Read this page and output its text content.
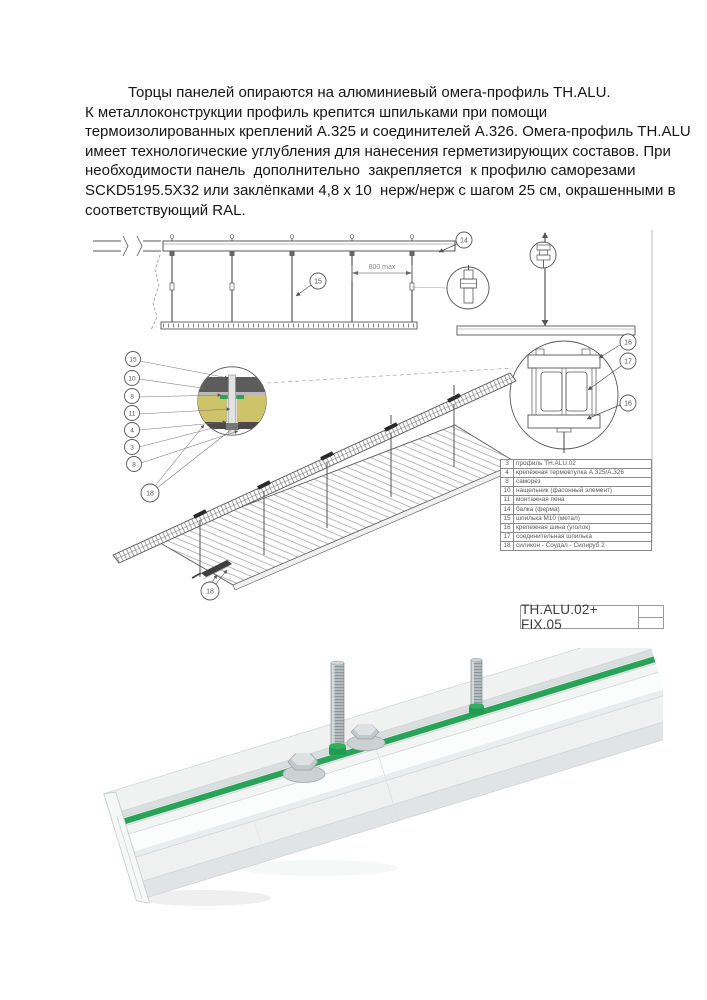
Торцы панелей опираются на алюминиевый омега-профиль TH.ALU.
К металлоконструкции профиль крепится шпильками при помощи
термоизолированных креплений А.325 и соединителей А.326. Омега-профиль TH.ALU
имеет технологические углубления для нанесения герметизирующих составов. При
необходимости панель  дополнительно  закрепляется  к профилю саморезами
SCKD5195.5X32 или заклёпками 4,8 х 10  нерж/нерж с шагом 25 см, окрашенными в
соответствующий RAL.
800 max
15
14
16
17
16
18
15
10
8
11
4
3
8
18
3	профиль TH.ALU.02
4	крепёжная термовтулка А.325/А.326
8	саморез
10	нащельник (фасонный элемент)
11	монтажная пена
14	балка (ферма)
15	шпилька М10 (метал)
16	крепежная шина (уголок)
17	соединительная шпилька
18	силикон - Соудал - Силируб 2
TH.ALU.02+ FIX.05
